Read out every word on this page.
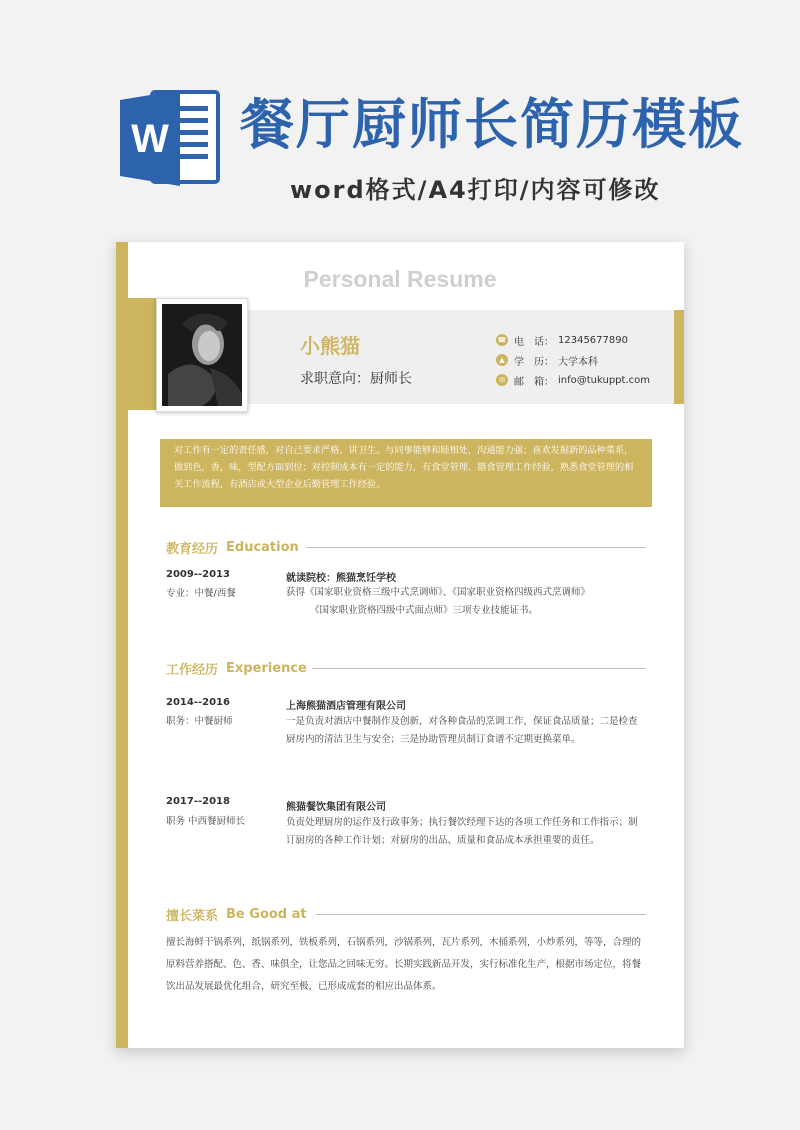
W 餐厅厨师长简历模板
word格式/A4打印/内容可修改
Personal Resume
小熊猫
求职意向：厨师长
☎ 电　话： 12345677890
▲ 学　历： 大学本科
✉ 邮　箱： info@tukuppt.com
对工作有一定的责任感，对自己要求严格，讲卫生。与同事能够和睦相处，沟通能力强；喜欢发掘新的品种菜系，做到色，香，味，型配方面到位；对控制成本有一定的能力，有食堂管理、膳食管理工作经验，熟悉食堂管理的相关工作流程，有酒店或大型企业后勤管理工作经验。
教育经历 Education
2009--2013
专业：中餐/西餐
就读院校：熊猫烹饪学校
获得《国家职业资格三级中式烹调师》、《国家职业资格四级西式烹调师》
《国家职业资格四级中式面点师》三项专业技能证书。
工作经历 Experience
2014--2016
职务：中餐厨师
上海熊猫酒店管理有限公司
一是负责对酒店中餐制作及创新，对各种食品的烹调工作，保证食品质量；二是检查厨房内的清洁卫生与安全；三是协助管理员制订食谱不定期更换菜单。
2017--2018
职务 中西餐厨师长
熊猫餐饮集团有限公司
负责处理厨房的运作及行政事务；执行餐饮经理下达的各项工作任务和工作指示；制订厨房的各种工作计划；对厨房的出品、质量和食品成本承担重要的责任。
擅长菜系 Be Good at
擅长海鲜干锅系列，纸锅系列，铁板系列，石锅系列，沙锅系列，瓦片系列，木捅系列，小炒系列，等等，合理的原料营养搭配、色、香、味俱全，让您品之回味无穷。长期实践新品开发，实行标准化生产，根据市场定位，将餐饮出品发展最优化组合，研究至极，已形成成套的相应出品体系。
